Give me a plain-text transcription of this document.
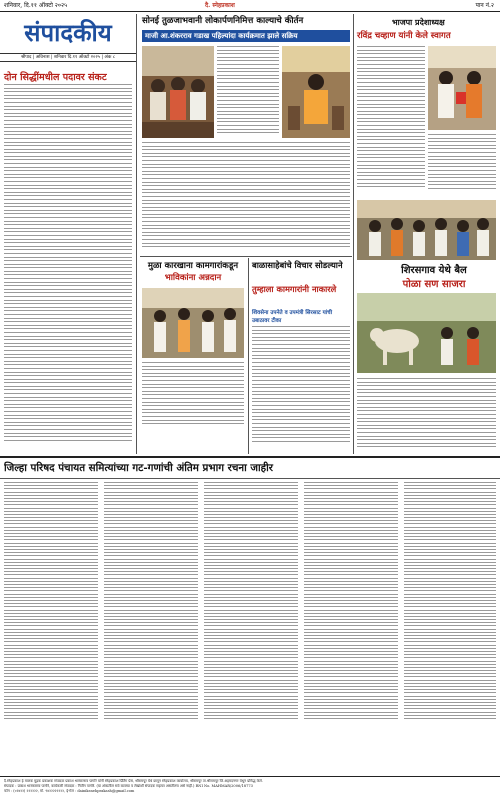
शनिवार, दि.११ ऑक्टो २०२५	दै. स्नेहप्रकाश	पान नं.२
संपादकीय
श्रीपाद | अविनाश | शनिवार दि.११ ऑक्टो २०२५ | अंक ८
दोन सिद्धींमधील पदावर संकट
सोनई तुळजाभवानी लोकार्पणनिमित्त काल्याचे कीर्तन
माजी आ.शंकरराव गडाख पहिल्यांदा कार्यक्रमात झाले सक्रिय
भाजपा प्रदेशाध्यक्ष
रविंद्र चव्हाण यांनी केले स्वागत
मुळा कारखाना कामगारांकडून
भाविकांना अन्नदान
शिरसगाव येथे बैल
पोळा सण साजरा
जिल्हा परिषद पंचायत समित्यांच्या गट-गणांची अंतिम प्रभाग रचना जाहीर
दै.स्नेहप्रकाश हे मालक मुद्रक प्रकाशक संपादक प्रकाश भास्करराव पागोरे यांनी स्नेहप्रकाश प्रिंटिंग प्रेस, श्रीरामपूर येथे छापून स्नेहप्रकाश कार्यालय, श्रीरामपूर ता.श्रीरामपूर जि.अहमदनगर येथून प्रसिद्ध केले.
संपादक : प्रकाश भास्करराव पागोरे, कार्यकारी संपादक : नितीन पागोरे. (या अंकातील सर्व बातम्या व लेखांशी संपादक सहमत असतीलच असे नाही.) RNI No. MAHMAR/2006/18773
फोन : (०२४२२) २२२२२२, मो. ९४२२२२२२२२, ई-मेल : dainiksnehprakash@gmail.com
बाळासाहेबांचे विचार सोडल्याने
तुम्हाला कामगारांनी नाकारले
शिवसेना उपनेते व उपमंत्री सिरसाट यांची उबाठावर टीका
